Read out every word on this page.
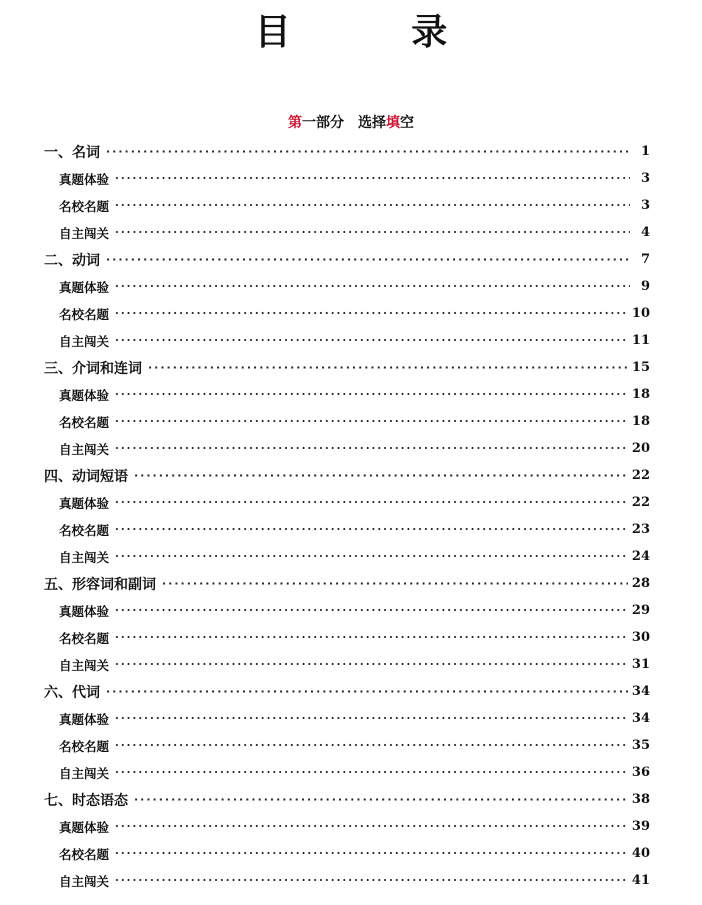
目 录
第一部分 选择填空
一、名词 ·····	1
真题体验 ·····	3
名校名题 ·····	3
自主闯关 ·····	4
二、动词 ·····	7
真题体验 ·····	9
名校名题 ·····	10
自主闯关 ·····	11
三、介词和连词 ·····	15
真题体验 ·····	18
名校名题 ·····	18
自主闯关 ·····	20
四、动词短语 ·····	22
真题体验 ·····	22
名校名题 ·····	23
自主闯关 ·····	24
五、形容词和副词 ·····	28
真题体验 ·····	29
名校名题 ·····	30
自主闯关 ·····	31
六、代词 ·····	34
真题体验 ·····	34
名校名题 ·····	35
自主闯关 ·····	36
七、时态语态 ·····	38
真题体验 ·····	39
名校名题 ·····	40
自主闯关 ·····	41
